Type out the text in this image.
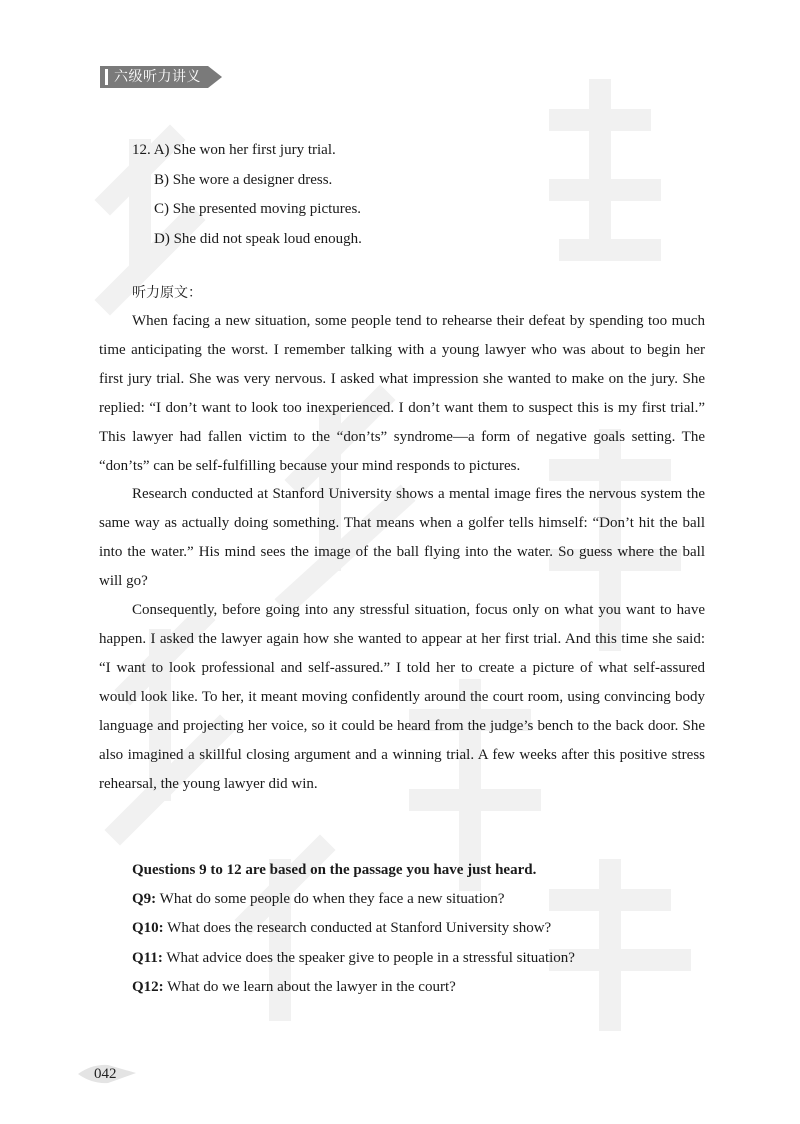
六级听力讲义
12. A) She won her first jury trial.
B) She wore a designer dress.
C) She presented moving pictures.
D) She did not speak loud enough.
听力原文：

When facing a new situation, some people tend to rehearse their defeat by spending too much time anticipating the worst. I remember talking with a young lawyer who was about to begin her first jury trial. She was very nervous. I asked what impression she wanted to make on the jury. She replied: “I don’t want to look too inexperienced. I don’t want them to suspect this is my first trial.” This lawyer had fallen victim to the “don’ts” syndrome—a form of negative goals setting. The “don’ts” can be self-fulfilling because your mind responds to pictures.

Research conducted at Stanford University shows a mental image fires the nervous system the same way as actually doing something. That means when a golfer tells himself: “Don’t hit the ball into the water.” His mind sees the image of the ball flying into the water. So guess where the ball will go?

Consequently, before going into any stressful situation, focus only on what you want to have happen. I asked the lawyer again how she wanted to appear at her first trial. And this time she said: “I want to look professional and self-assured.” I told her to create a picture of what self-assured would look like. To her, it meant moving confidently around the court room, using convincing body language and projecting her voice, so it could be heard from the judge’s bench to the back door. She also imagined a skillful closing argument and a winning trial. A few weeks after this positive stress rehearsal, the young lawyer did win.

Questions 9 to 12 are based on the passage you have just heard.
Q9: What do some people do when they face a new situation?
Q10: What does the research conducted at Stanford University show?
Q11: What advice does the speaker give to people in a stressful situation?
Q12: What do we learn about the lawyer in the court?
042
